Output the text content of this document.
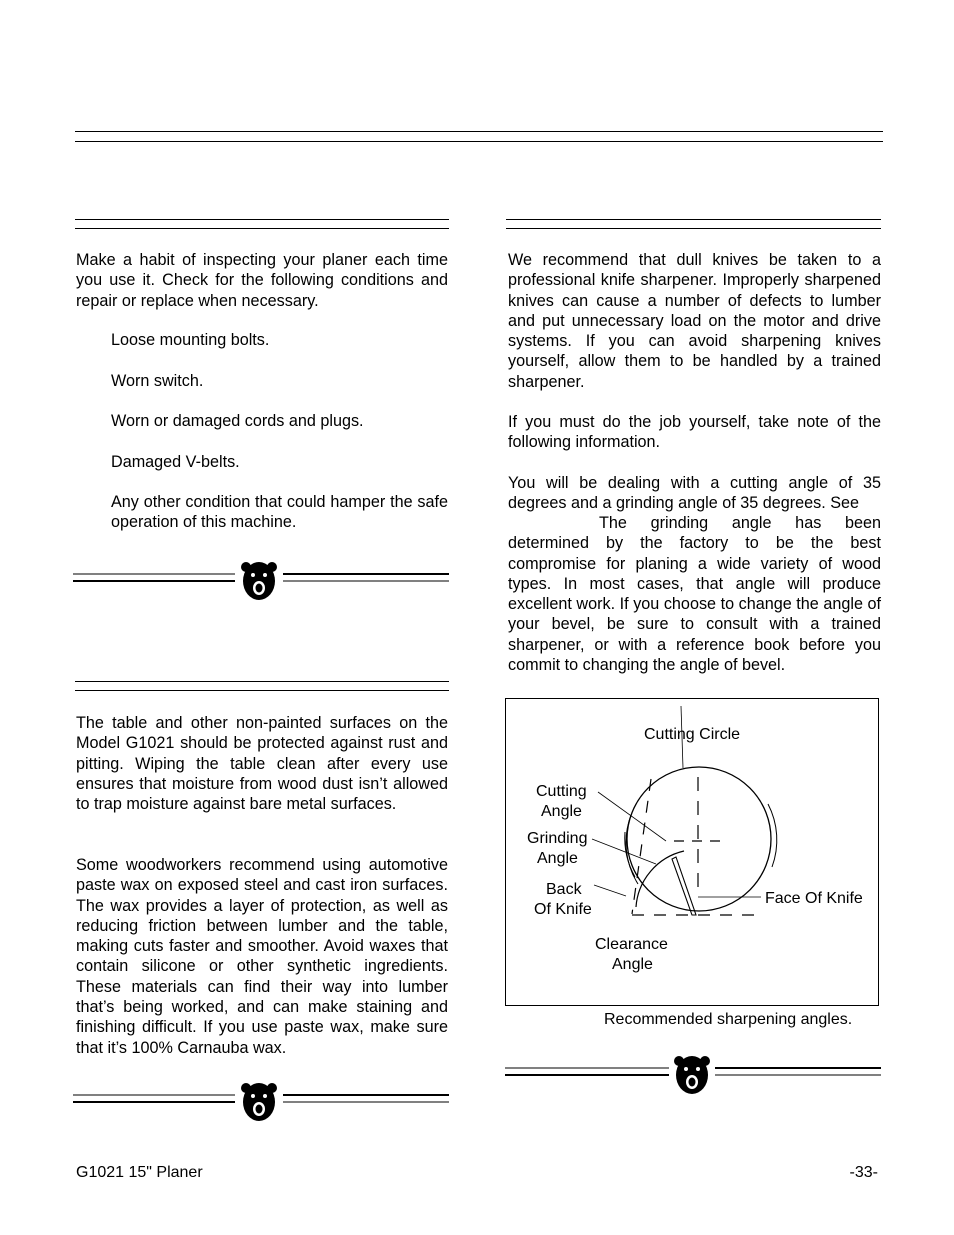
Make a habit of inspecting your planer each time you use it. Check for the following conditions and repair or replace when necessary.

Loose mounting bolts.

Worn switch.

Worn or damaged cords and plugs.

Damaged V-belts.

Any other condition that could hamper the safe operation of this machine.

The table and other non-painted surfaces on the Model G1021 should be protected against rust and pitting. Wiping the table clean after every use ensures that moisture from wood dust isn’t allowed to trap moisture against bare metal surfaces.

Some woodworkers recommend using automotive paste wax on exposed steel and cast iron surfaces. The wax provides a layer of protection, as well as reducing friction between lumber and the table, making cuts faster and smoother. Avoid waxes that contain silicone or other synthetic ingredients. These materials can find their way into lumber that’s being worked, and can make staining and finishing difficult. If you use paste wax, make sure that it’s 100% Carnauba wax.

We recommend that dull knives be taken to a professional knife sharpener. Improperly sharpened knives can cause a number of defects to lumber and put unnecessary load on the motor and drive systems. If you can avoid sharpening knives yourself, allow them to be handled by a trained sharpener.

If you must do the job yourself, take note of the following information.

You will be dealing with a cutting angle of 35 degrees and a grinding angle of 35 degrees. See

The grinding angle has been determined by the factory to be the best compromise for planing a wide variety of wood types. In most cases, that angle will produce excellent work. If you choose to change the angle of your bevel, be sure to consult with a trained sharpener, or with a reference book before you commit to changing the angle of bevel.

Cutting Circle
Cutting
Angle
Grinding
Angle
Back
Of Knife
Face Of Knife
Clearance
Angle
Recommended sharpening angles.
G1021 15" Planer	-33-
